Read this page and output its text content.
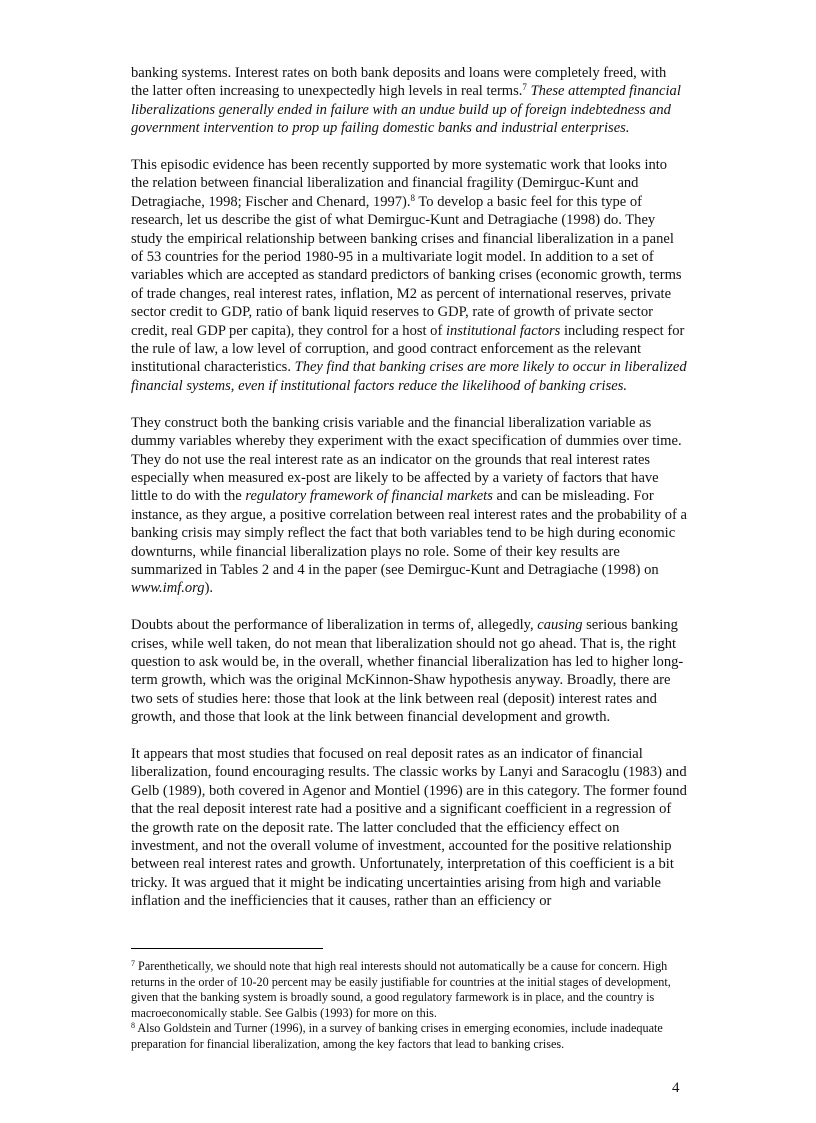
banking systems. Interest rates on both bank deposits and loans were completely freed, with the latter often increasing to unexpectedly high levels in real terms.$^7$ These attempted financial liberalizations generally ended in failure with an undue build up of foreign indebtedness and government intervention to prop up failing domestic banks and industrial enterprises.

This episodic evidence has been recently supported by more systematic work that looks into the relation between financial liberalization and financial fragility (Demirguc-Kunt and Detragiache, 1998; Fischer and Chenard, 1997).$^8$ To develop a basic feel for this type of research, let us describe the gist of what Demirguc-Kunt and Detragiache (1998) do. They study the empirical relationship between banking crises and financial liberalization in a panel of 53 countries for the period 1980-95 in a multivariate logit model. In addition to a set of variables which are accepted as standard predictors of banking crises (economic growth, terms of trade changes, real interest rates, inflation, M2 as percent of international reserves, private sector credit to GDP, ratio of bank liquid reserves to GDP, rate of growth of private sector credit, real GDP per capita), they control for a host of institutional factors including respect for the rule of law, a low level of corruption, and good contract enforcement as the relevant institutional characteristics. They find that banking crises are more likely to occur in liberalized financial systems, even if institutional factors reduce the likelihood of banking crises.

They construct both the banking crisis variable and the financial liberalization variable as dummy variables whereby they experiment with the exact specification of dummies over time. They do not use the real interest rate as an indicator on the grounds that real interest rates especially when measured ex-post are likely to be affected by a variety of factors that have little to do with the regulatory framework of financial markets and can be misleading. For instance, as they argue, a positive correlation between real interest rates and the probability of a banking crisis may simply reflect the fact that both variables tend to be high during economic downturns, while financial liberalization plays no role. Some of their key results are summarized in Tables 2 and 4 in the paper (see Demirguc-Kunt and Detragiache (1998) on www.imf.org).

Doubts about the performance of liberalization in terms of, allegedly, causing serious banking crises, while well taken, do not mean that liberalization should not go ahead. That is, the right question to ask would be, in the overall, whether financial liberalization has led to higher long-term growth, which was the original McKinnon-Shaw hypothesis anyway. Broadly, there are two sets of studies here: those that look at the link between real (deposit) interest rates and growth, and those that look at the link between financial development and growth.

It appears that most studies that focused on real deposit rates as an indicator of financial liberalization, found encouraging results. The classic works by Lanyi and Saracoglu (1983) and Gelb (1989), both covered in Agenor and Montiel (1996) are in this category. The former found that the real deposit interest rate had a positive and a significant coefficient in a regression of the growth rate on the deposit rate. The latter concluded that the efficiency effect on investment, and not the overall volume of investment, accounted for the positive relationship between real interest rates and growth. Unfortunately, interpretation of this coefficient is a bit tricky. It was argued that it might be indicating uncertainties arising from high and variable inflation and the inefficiencies that it causes, rather than an efficiency or

$^7$ Parenthetically, we should note that high real interests should not automatically be a cause for concern. High returns in the order of 10-20 percent may be easily justifiable for countries at the initial stages of development, given that the banking system is broadly sound, a good regulatory farmework is in place, and the country is macroeconomically stable. See Galbis (1993) for more on this.

$^8$ Also Goldstein and Turner (1996), in a survey of banking crises in emerging economies, include inadequate preparation for financial liberalization, among the key factors that lead to banking crises.

4
